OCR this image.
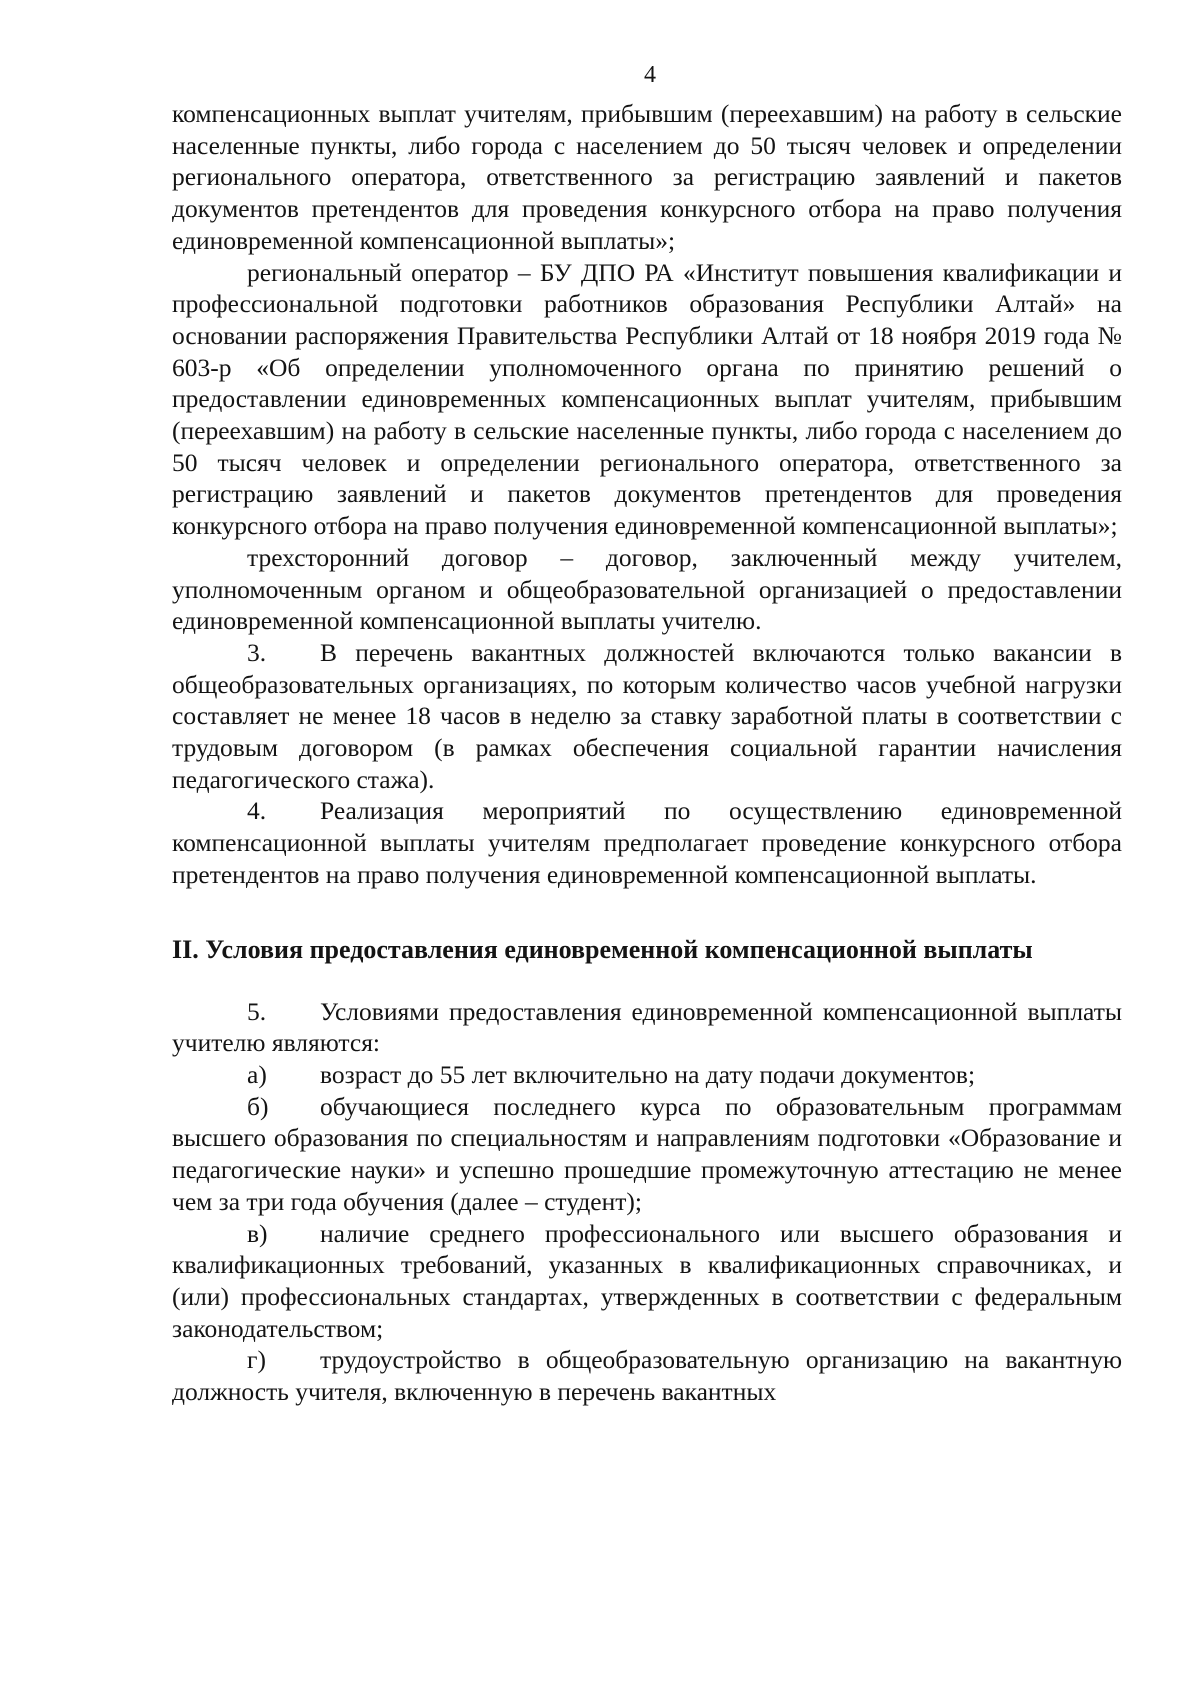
4

компенсационных выплат учителям, прибывшим (переехавшим) на работу в сельские населенные пункты, либо города с населением до 50 тысяч человек и определении регионального оператора, ответственного за регистрацию заявлений и пакетов документов претендентов для проведения конкурсного отбора на право получения единовременной компенсационной выплаты»;

региональный оператор – БУ ДПО РА «Институт повышения квалификации и профессиональной подготовки работников образования Республики Алтай» на основании распоряжения Правительства Республики Алтай от 18 ноября 2019 года № 603-р «Об определении уполномоченного органа по принятию решений о предоставлении единовременных компенсационных выплат учителям, прибывшим (переехавшим) на работу в сельские населенные пункты, либо города с населением до 50 тысяч человек и определении регионального оператора, ответственного за регистрацию заявлений и пакетов документов претендентов для проведения конкурсного отбора на право получения единовременной компенсационной выплаты»;

трехсторонний договор – договор, заключенный между учителем, уполномоченным органом и общеобразовательной организацией о предоставлении единовременной компенсационной выплаты учителю.

3. В перечень вакантных должностей включаются только вакансии в общеобразовательных организациях, по которым количество часов учебной нагрузки составляет не менее 18 часов в неделю за ставку заработной платы в соответствии с трудовым договором (в рамках обеспечения социальной гарантии начисления педагогического стажа).

4. Реализация мероприятий по осуществлению единовременной компенсационной выплаты учителям предполагает проведение конкурсного отбора претендентов на право получения единовременной компенсационной выплаты.

II. Условия предоставления единовременной компенсационной выплаты

5. Условиями предоставления единовременной компенсационной выплаты учителю являются:

а) возраст до 55 лет включительно на дату подачи документов;

б) обучающиеся последнего курса по образовательным программам высшего образования по специальностям и направлениям подготовки «Образование и педагогические науки» и успешно прошедшие промежуточную аттестацию не менее чем за три года обучения (далее – студент);

в) наличие среднего профессионального или высшего образования и квалификационных требований, указанных в квалификационных справочниках, и (или) профессиональных стандартах, утвержденных в соответствии с федеральным законодательством;

г) трудоустройство в общеобразовательную организацию на вакантную должность учителя, включенную в перечень вакантных
